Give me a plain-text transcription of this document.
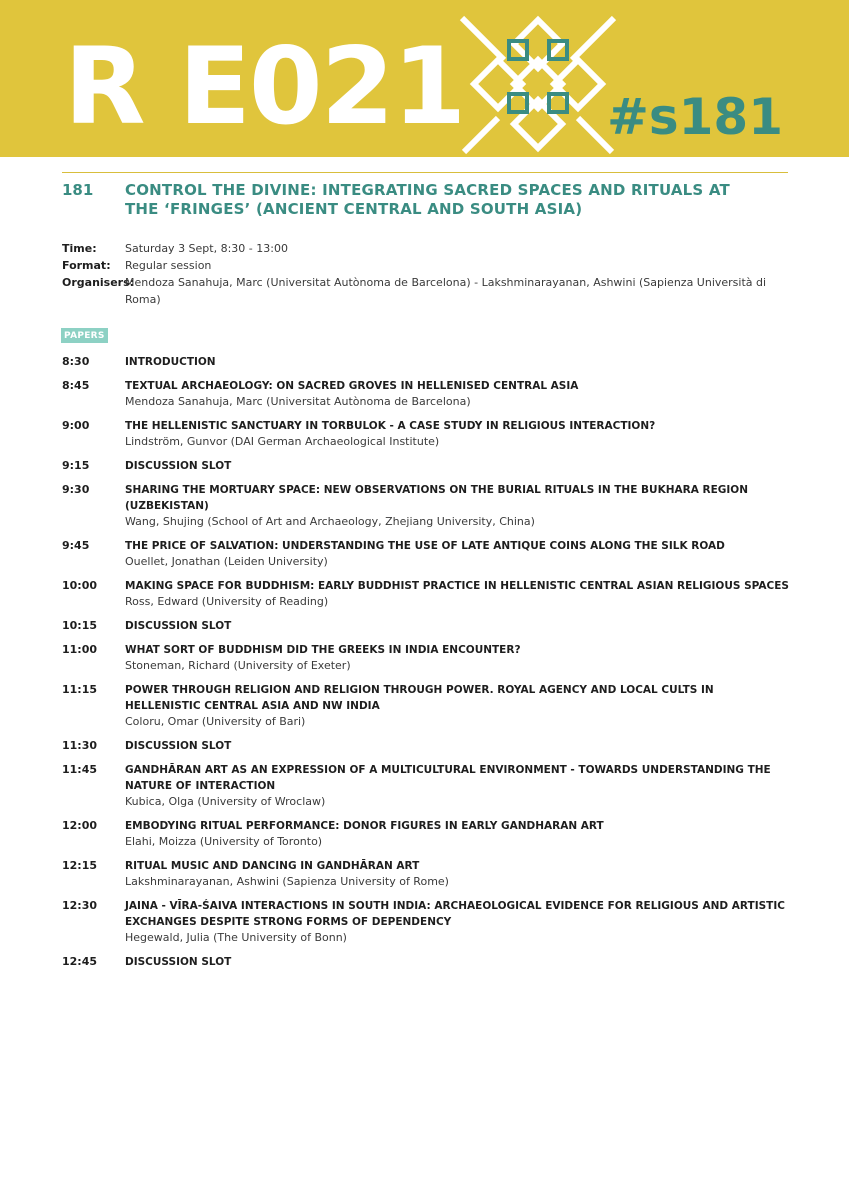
R E021	#s181
181 CONTROL THE DIVINE: INTEGRATING SACRED SPACES AND RITUALS AT THE ‘FRINGES’ (ANCIENT CENTRAL AND SOUTH ASIA)
Time:	Saturday 3 Sept, 8:30 - 13:00
Format:	Regular session
Organisers:
Mendoza Sanahuja, Marc (Universitat Autònoma de Barcelona) - Lakshminarayanan, Ashwini (Sapienza Università di Roma)
PAPERS
8:30	INTRODUCTION
8:45	TEXTUAL ARCHAEOLOGY: ON SACRED GROVES IN HELLENISED CENTRAL ASIA
Mendoza Sanahuja, Marc (Universitat Autònoma de Barcelona)
9:00	THE HELLENISTIC SANCTUARY IN TORBULOK - A CASE STUDY IN RELIGIOUS INTERACTION?
Lindström, Gunvor (DAI German Archaeological Institute)
9:15	DISCUSSION SLOT
9:30	SHARING THE MORTUARY SPACE: NEW OBSERVATIONS ON THE BURIAL RITUALS IN THE BUKHARA REGION (UZBEKISTAN)
Wang, Shujing (School of Art and Archaeology, Zhejiang University, China)
9:45	THE PRICE OF SALVATION: UNDERSTANDING THE USE OF LATE ANTIQUE COINS ALONG THE SILK ROAD
Ouellet, Jonathan (Leiden University)
10:00	MAKING SPACE FOR BUDDHISM: EARLY BUDDHIST PRACTICE IN HELLENISTIC CENTRAL ASIAN RELIGIOUS SPACES
Ross, Edward (University of Reading)
10:15	DISCUSSION SLOT
11:00	WHAT SORT OF BUDDHISM DID THE GREEKS IN INDIA ENCOUNTER?
Stoneman, Richard (University of Exeter)
11:15	POWER THROUGH RELIGION AND RELIGION THROUGH POWER. ROYAL AGENCY AND LOCAL CULTS IN HELLENISTIC CENTRAL ASIA AND NW INDIA
Coloru, Omar (University of Bari)
11:30	DISCUSSION SLOT
11:45	GANDHĀRAN ART AS AN EXPRESSION OF A MULTICULTURAL ENVIRONMENT - TOWARDS UNDERSTANDING THE NATURE OF INTERACTION
Kubica, Olga (University of Wroclaw)
12:00	EMBODYING RITUAL PERFORMANCE: DONOR FIGURES IN EARLY GANDHARAN ART
Elahi, Moizza (University of Toronto)
12:15	RITUAL MUSIC AND DANCING IN GANDHĀRAN ART
Lakshminarayanan, Ashwini (Sapienza University of Rome)
12:30	JAINA - VĪRA-ŚAIVA INTERACTIONS IN SOUTH INDIA: ARCHAEOLOGICAL EVIDENCE FOR RELIGIOUS AND ARTISTIC EXCHANGES DESPITE STRONG FORMS OF DEPENDENCY
Hegewald, Julia (The University of Bonn)
12:45	DISCUSSION SLOT
